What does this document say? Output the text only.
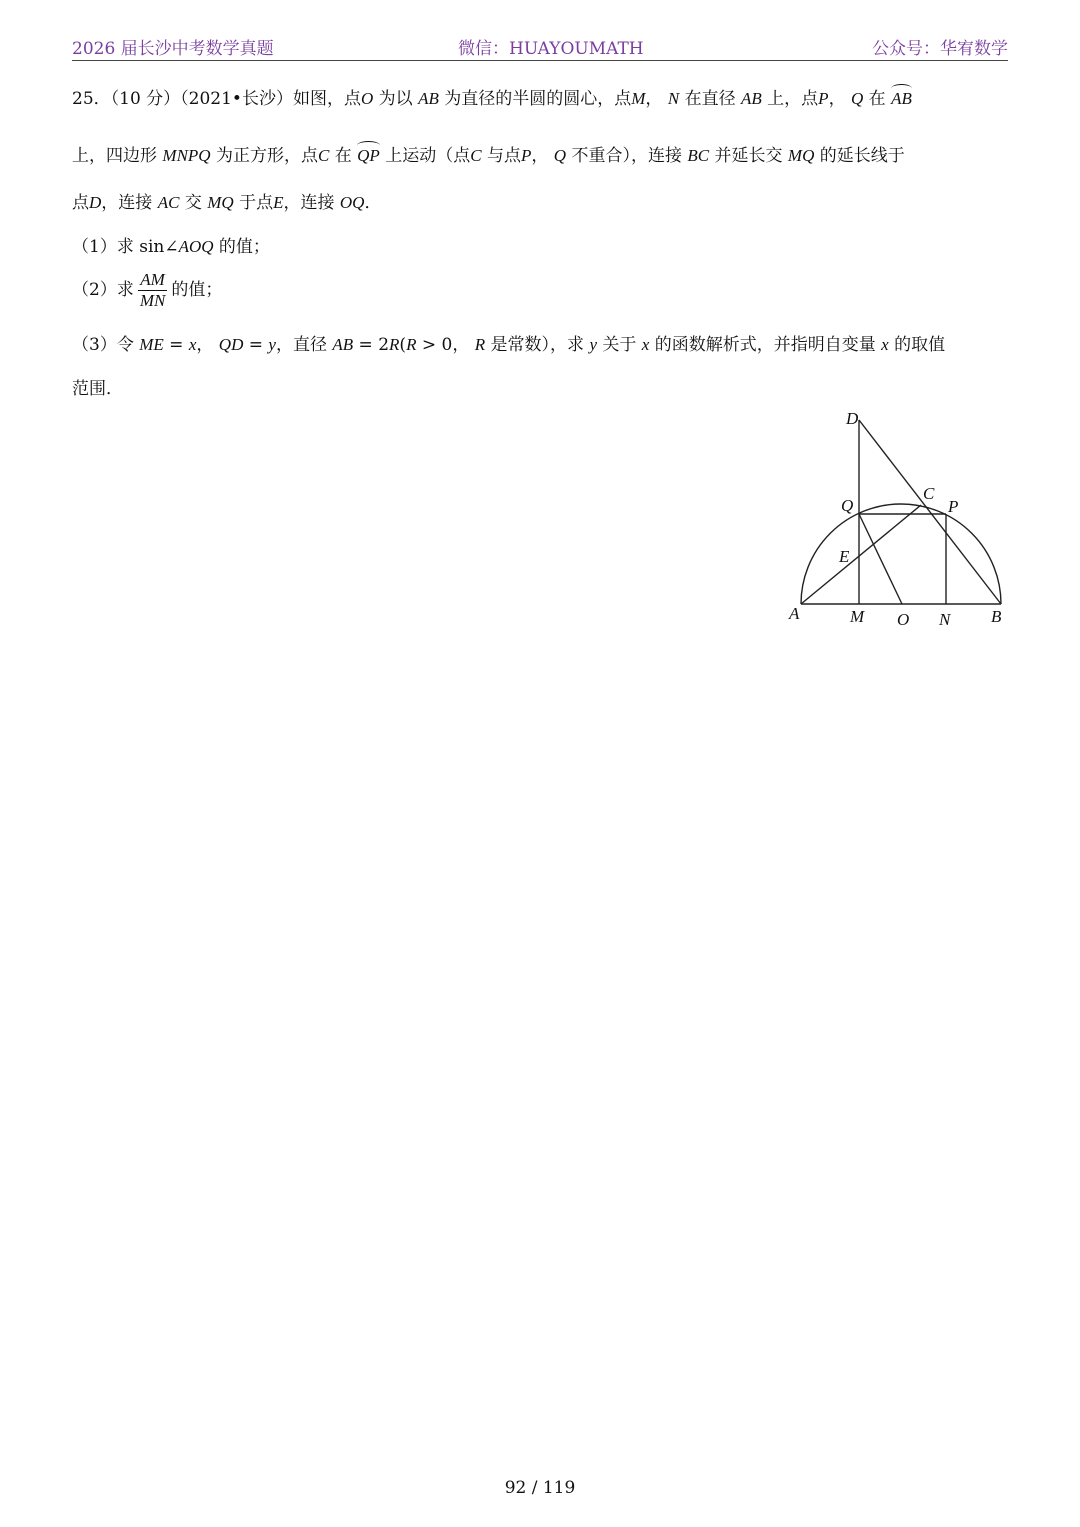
2026 届长沙中考数学真题	微信：HUAYOUMATH	公众号：华宥数学
25．（10 分）（2021•长沙）如图，点O 为以 AB 为直径的半圆的圆心，点M， N 在直径 AB 上，点P， Q 在 AB
上，四边形 MNPQ 为正方形，点C 在 QP 上运动（点C 与点P， Q 不重合），连接 BC 并延长交 MQ 的延长线于
点D，连接 AC 交 MQ 于点E，连接 OQ．
（1）求 sin∠AOQ 的值；
（2）求 $\frac{AM}{MN}$ 的值；
（3）令 ME = x， QD = y，直径 AB = 2R(R > 0， R 是常数），求 y 关于 x 的函数解析式，并指明自变量 x 的取值
范围．
D
C
Q	P
E
A	M O N B
92 / 119
